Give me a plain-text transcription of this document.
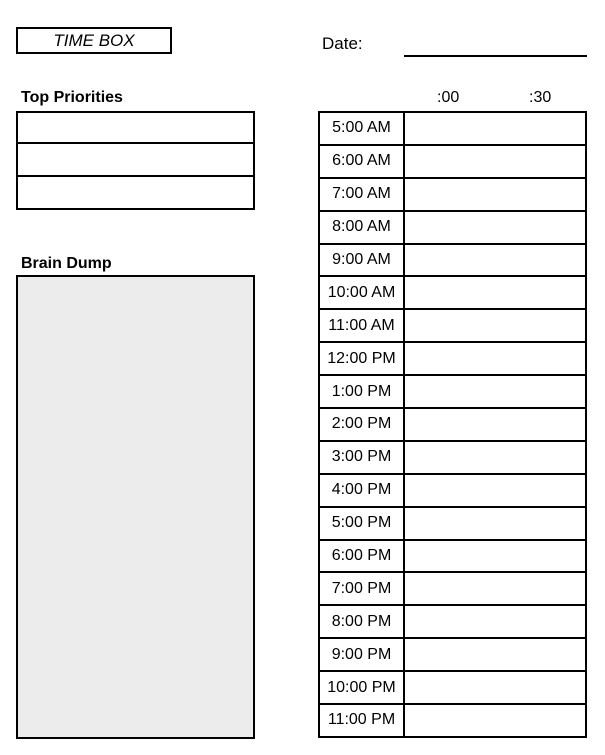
TIME BOX	Date:
:00	:30
Top Priorities
Brain Dump
5:00 AM
6:00 AM
7:00 AM
8:00 AM
9:00 AM
10:00 AM
11:00 AM
12:00 PM
1:00 PM
2:00 PM
3:00 PM
4:00 PM
5:00 PM
6:00 PM
7:00 PM
8:00 PM
9:00 PM
10:00 PM
11:00 PM
